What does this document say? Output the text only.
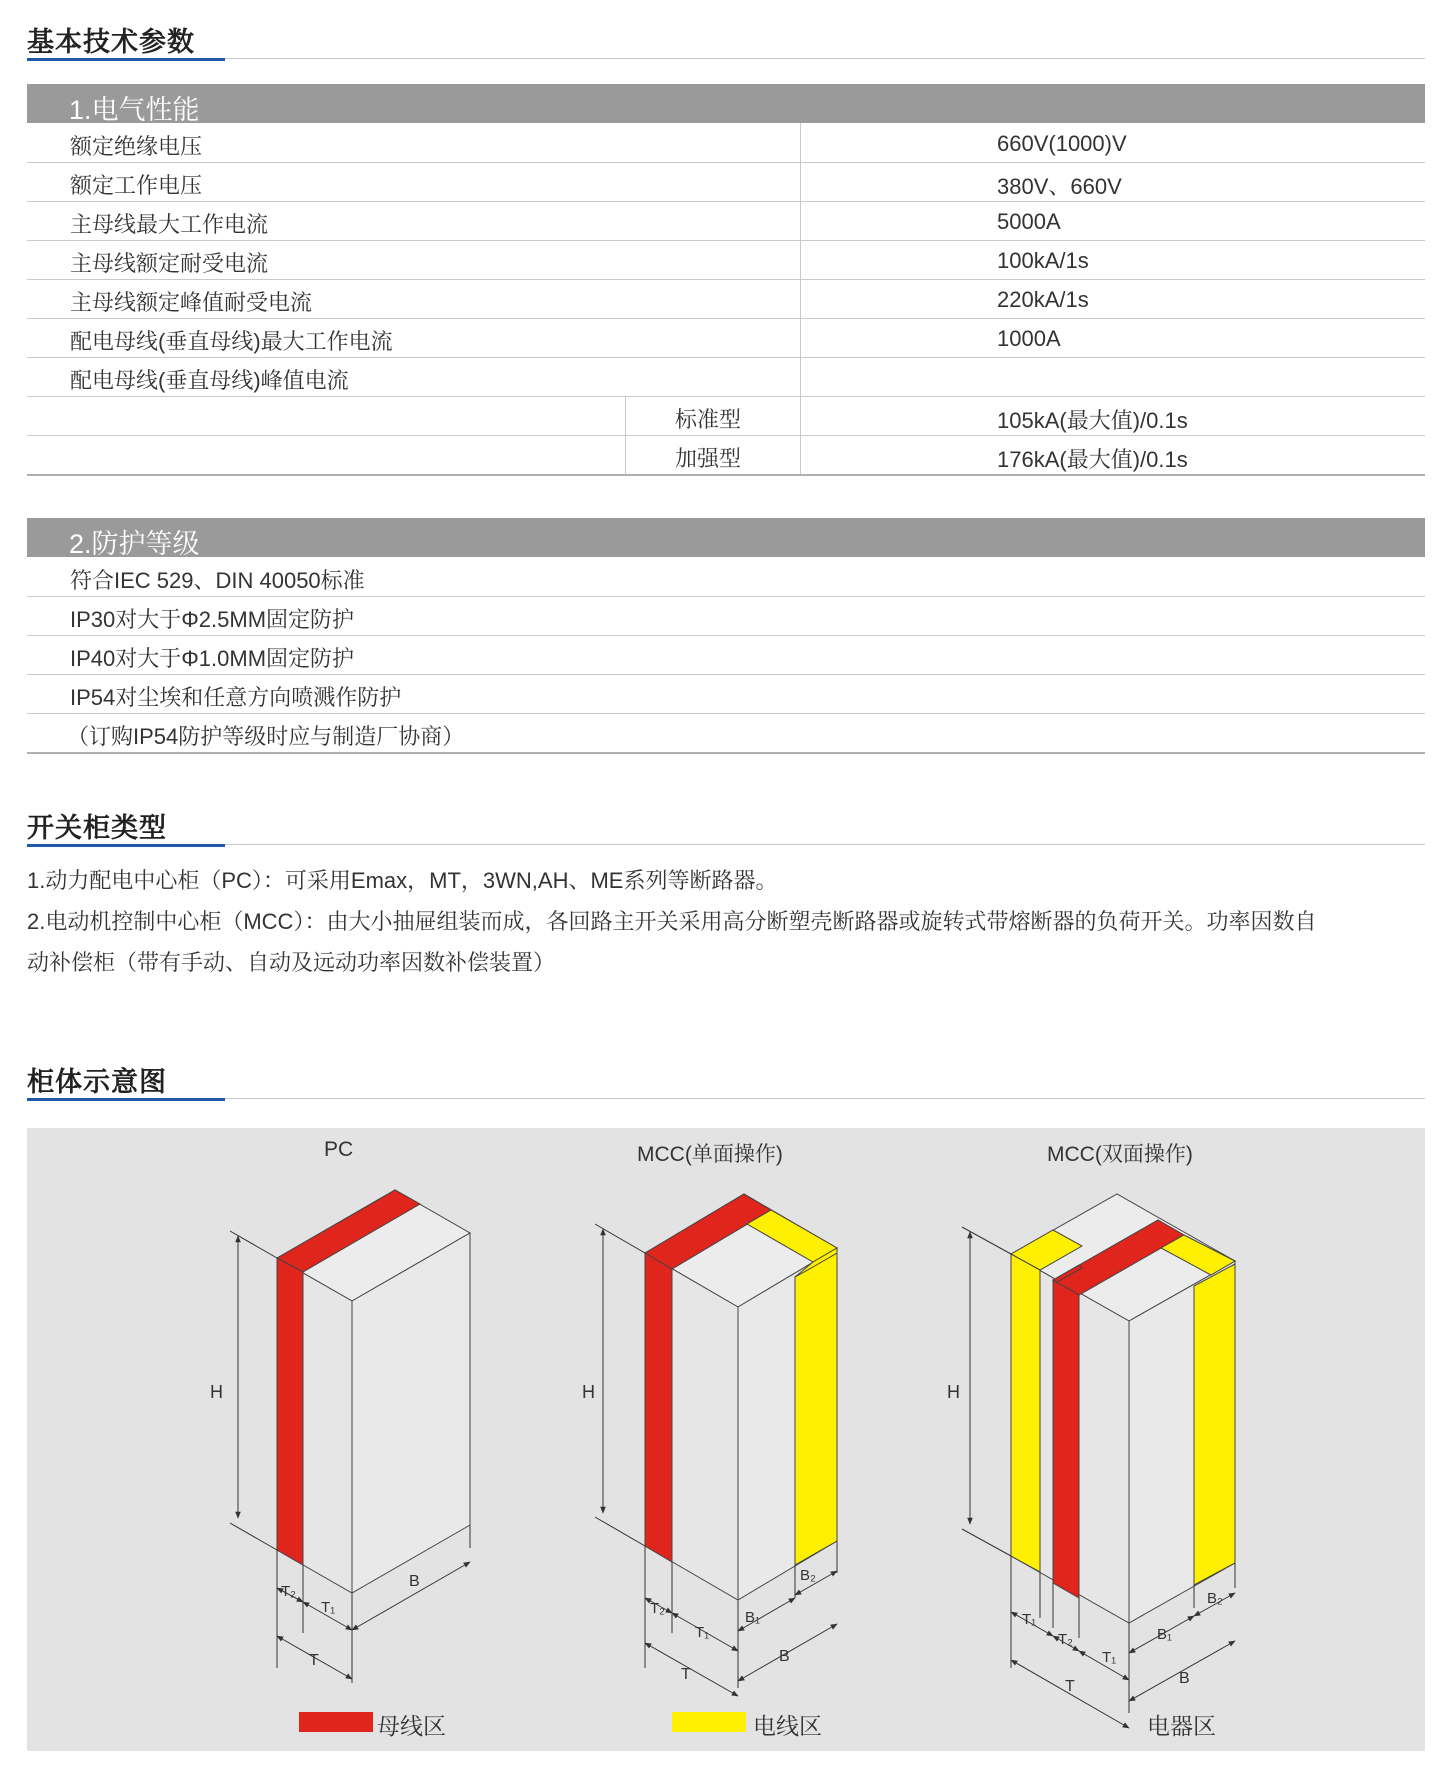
基本技术参数
1.电气性能
额定绝缘电压	660V(1000)V
额定工作电压	380V、660V
主母线最大工作电流	5000A
主母线额定耐受电流	100kA/1s
主母线额定峰值耐受电流	220kA/1s
配电母线(垂直母线)最大工作电流	1000A
配电母线(垂直母线)峰值电流
标准型	105kA(最大值)/0.1s
加强型	176kA(最大值)/0.1s
2.防护等级
符合IEC 529、DIN 40050标准
IP30对大于Φ2.5MM固定防护
IP40对大于Φ1.0MM固定防护
IP54对尘埃和任意方向喷溅作防护
（订购IP54防护等级时应与制造厂协商）
开关柜类型
1.动力配电中心柜（PC）：可采用Emax，MT，3WN,AH、ME系列等断路器。
2.电动机控制中心柜（MCC）：由大小抽屉组装而成，各回路主开关采用高分断塑壳断路器或旋转式带熔断器的负荷开关。功率因数自
动补偿柜（带有手动、自动及远动功率因数补偿装置）
柜体示意图
PC	MCC(单面操作)	MCC(双面操作)
H
T₂
T₁
T
B
H
T₂
T₁
T
B₁
B₂
B
H
T₁
T₂
T₁
T
B₁
B₂
B
母线区	电线区	电器区
